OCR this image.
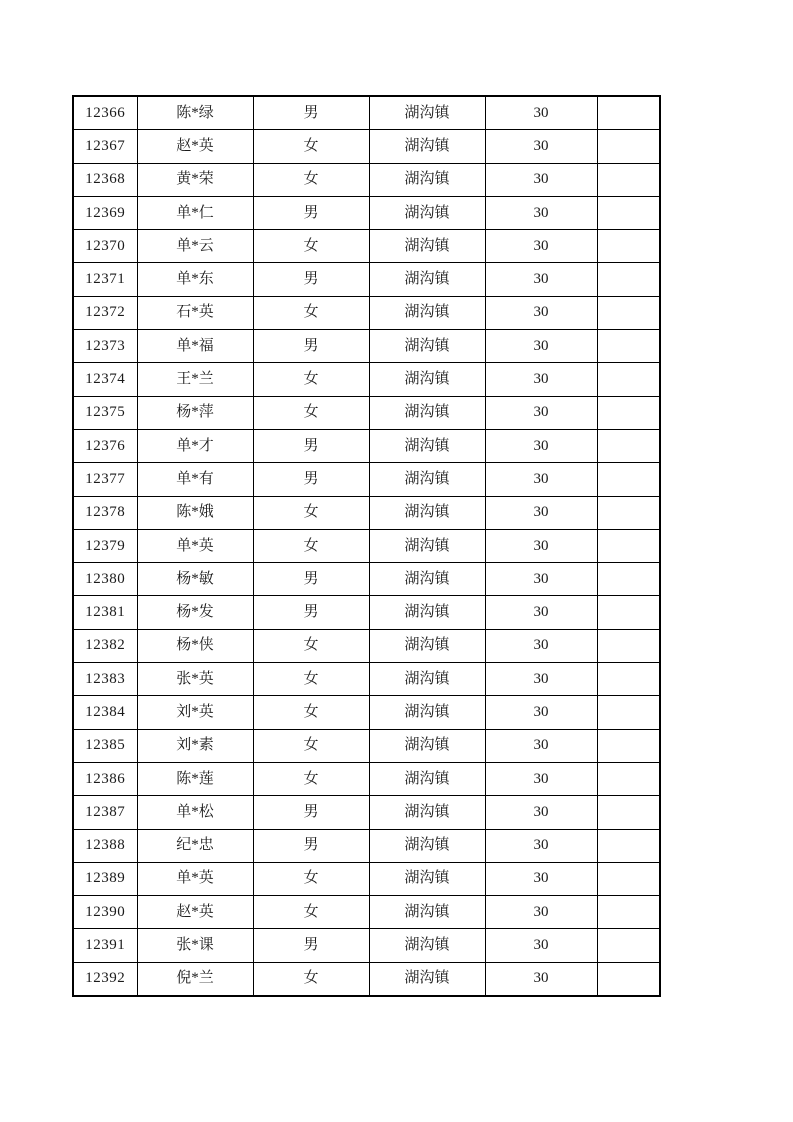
12366	陈*绿	男	湖沟镇	30	
12367	赵*英	女	湖沟镇	30	
12368	黄*荣	女	湖沟镇	30	
12369	单*仁	男	湖沟镇	30	
12370	单*云	女	湖沟镇	30	
12371	单*东	男	湖沟镇	30	
12372	石*英	女	湖沟镇	30	
12373	单*福	男	湖沟镇	30	
12374	王*兰	女	湖沟镇	30	
12375	杨*萍	女	湖沟镇	30	
12376	单*才	男	湖沟镇	30	
12377	单*有	男	湖沟镇	30	
12378	陈*娥	女	湖沟镇	30	
12379	单*英	女	湖沟镇	30	
12380	杨*敏	男	湖沟镇	30	
12381	杨*发	男	湖沟镇	30	
12382	杨*侠	女	湖沟镇	30	
12383	张*英	女	湖沟镇	30	
12384	刘*英	女	湖沟镇	30	
12385	刘*素	女	湖沟镇	30	
12386	陈*莲	女	湖沟镇	30	
12387	单*松	男	湖沟镇	30	
12388	纪*忠	男	湖沟镇	30	
12389	单*英	女	湖沟镇	30	
12390	赵*英	女	湖沟镇	30	
12391	张*课	男	湖沟镇	30	
12392	倪*兰	女	湖沟镇	30	
